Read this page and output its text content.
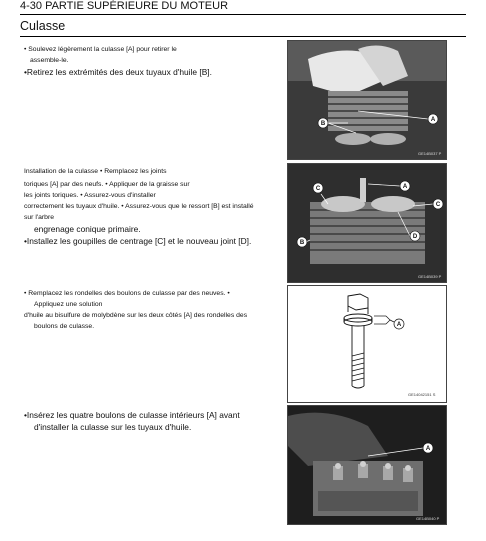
4-30 PARTIE SUPÉRIEURE DU MOTEUR
Culasse
• Soulevez légèrement la culasse [A] pour retirer le
assemble-le.
•Retirez les extrémités des deux tuyaux d'huile [B].
Installation de la culasse • Remplacez les joints
toriques [A] par des neufs. • Appliquer de la graisse sur
les joints toriques. • Assurez-vous d'installer
correctement les tuyaux d'huile. • Assurez-vous que le ressort [B] est installé
sur l'arbre
engrenage conique primaire.
•Installez les goupilles de centrage [C] et le nouveau joint [D].
• Remplacez les rondelles des boulons de culasse par des neuves. •
Appliquez une solution
d'huile au bisulfure de molybdène sur les deux côtés [A] des rondelles des
boulons de culasse.
•Insérez les quatre boulons de culasse intérieurs [A] avant
d'installer la culasse sur les tuyaux d'huile.
A
B
GE14B037 P
A
B
C
C
D
GE14B039 P
A
GE14042151 S
A
GE14B040 P
